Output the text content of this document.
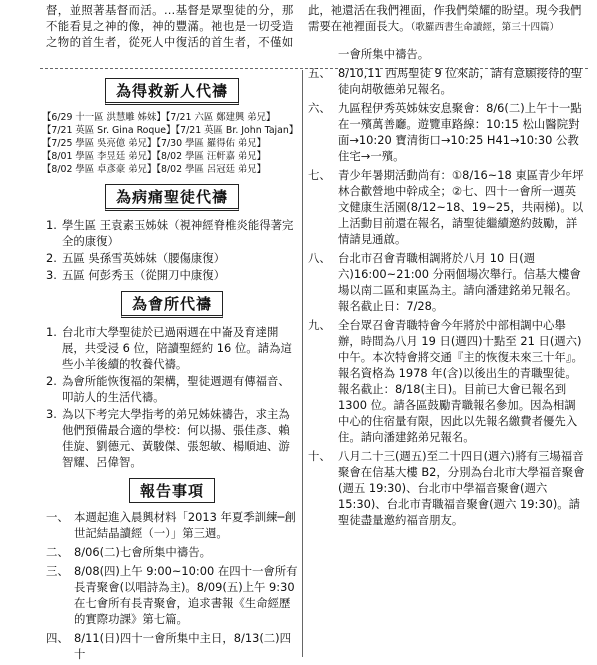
督，並照著基督而活。…基督是眾聖徒的分，那不能看見之神的像，神的豐滿。祂也是一切受造之物的首生者，從死人中復活的首生者，不僅如

為得救新人代禱
【6/29 十一區 洪慧雕 姊妹】【7/21 六區 鄭建興 弟兄】
【7/21 英區 Sr. Gina Roque】【7/21 英區 Br. John Tajan】
【7/25 學區 吳亮億 弟兄】【7/30 學區 羅得佑 弟兄】
【8/01 學區 李昱廷 弟兄】【8/02 學區 汪軒嘉 弟兄】
【8/02 學區 卓彥豪 弟兄】【8/02 學區 呂冠廷 弟兄】
為病痛聖徒代禱
1. 學生區 王袁素玉姊妹（視神經脊椎炎能得著完全的康復）
2. 五區 吳孫雪英姊妹（腰傷康復）
3. 五區 何彭秀玉（從開刀中康復）
為會所代禱
1. 台北市大學聖徒於已過兩週在中崙及育達開展，共受浸 6 位，陪讀聖經約 16 位。請為這些小羊後續的牧養代禱。
2. 為會所能恢復福的架構，聖徒週週有傳福音、叩訪人的生活代禱。
3. 為以下考完大學指考的弟兄姊妹禱告，求主為他們預備最合適的學校：何以揚、張佳彥、賴佳旋、劉德元、黃駿傑、張恕敏、楊順迪、游智耀、呂偉智。
報告事項
一、 本週起進入晨興材料「2013 年夏季訓練─創世記結晶讀經（一）」第三週。
二、 8/06(二)七會所集中禱告。
三、 8/08(四)上午 9:00~10:00 在四十一會所有長青聚會(以唱詩為主)。8/09(五)上午 9:30 在七會所有長青聚會，追求書報《生命經歷的實際功課》第七篇。
四、 8/11(日)四十一會所集中主日，8/13(二)四十

此，祂還活在我們裡面，作我們榮耀的盼望。現今我們需要在祂裡面長大。（歌羅西書生命讀經，第三十四篇）

一會所集中禱告。
五、 8/10,11 西馬聖徒 9 位來訪，請有意願接待的聖徒向胡敬德弟兄報名。
六、 九區程伊秀英姊妹安息聚會：8/6(二)上午十一點在一殯萬善廳。遊覽車路線：10:15 松山醫院對面→10:20 寶清街口→10:25 H41→10:30 公教住宅→一殯。
七、 青少年暑期活動尚有：①8/16~18 東區青少年坪林合歡營地中幹成全；②七、四十一會所一週英文健康生活園(8/12~18、19~25，共兩梯)。以上活動目前還在報名，請聖徒繼續邀約鼓勵，詳情請見通啟。
八、 台北市召會青職相調將於八月 10 日(週六)16:00~21:00 分兩個場次舉行。信基大樓會場以南二區和東區為主。請向潘建銘弟兄報名。報名截止日：7/28。
九、 全台眾召會青職特會今年將於中部相調中心舉辦，時間為八月 19 日(週四)十點至 21 日(週六)中午。本次特會將交通『主的恢復未來三十年』。報名資格為 1978 年(含)以後出生的青職聖徒。報名截止：8/18(主日)。目前已大會已報名到 1300 位。請各區鼓勵青職報名參加。因為相調中心的住宿量有限，因此以先報名繳費者優先入住。請向潘建銘弟兄報名。
十、 八月二十三(週五)至二十四日(週六)將有三場福音聚會在信基大樓 B2，分別為台北市大學福音聚會(週五 19:30)、台北市中學福音聚會(週六 15:30)、台北市青職福音聚會(週六 19:30)。請聖徒盡量邀約福音朋友。
